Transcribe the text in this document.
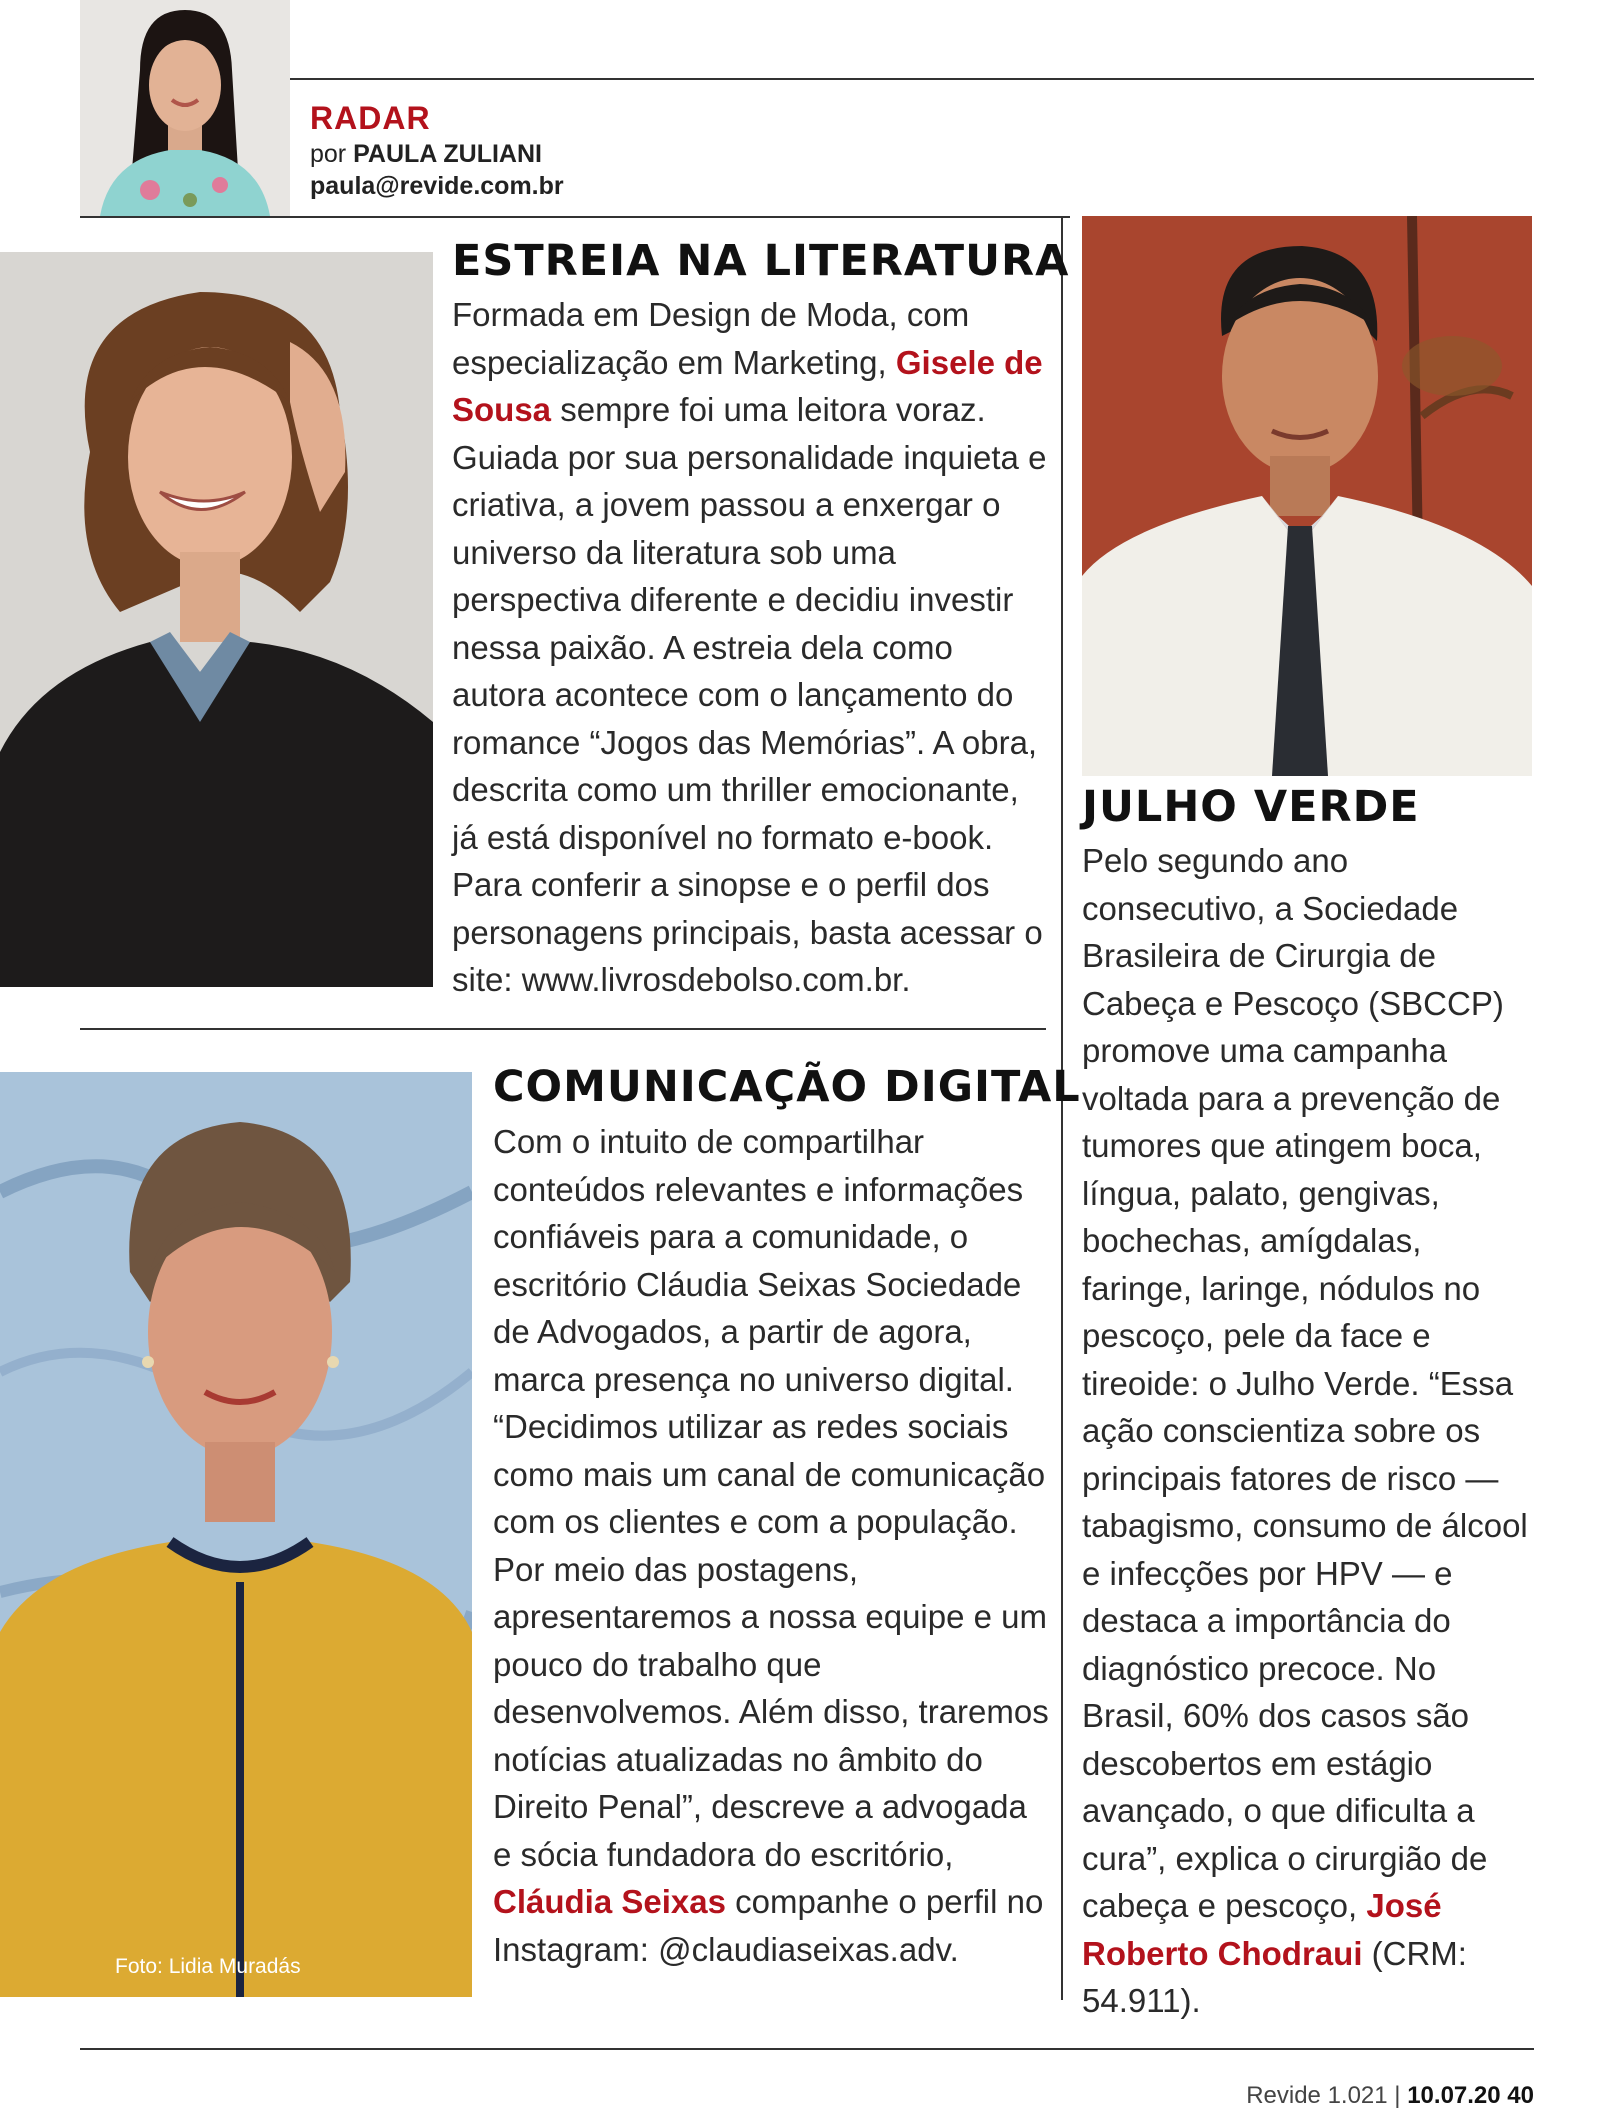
RADAR
por PAULA ZULIANI
paula@revide.com.br
ESTREIA NA LITERATURA

Formada em Design de Moda, com especialização em Marketing, Gisele de Sousa sempre foi uma leitora voraz. Guiada por sua personalidade inquieta e criativa, a jovem passou a enxergar o universo da literatura sob uma perspectiva diferente e decidiu investir nessa paixão. A estreia dela como autora acontece com o lançamento do romance “Jogos das Memórias”. A obra, descrita como um thriller emocionante, já está disponível no formato e-book. Para conferir a sinopse e o perfil dos personagens principais, basta acessar o site: www.livrosdebolso.com.br.

Foto: Lidia Muradás
COMUNICAÇÃO DIGITAL

Com o intuito de compartilhar conteúdos relevantes e informações confiáveis para a comunidade, o escritório Cláudia Seixas Sociedade de Advogados, a partir de agora, marca presença no universo digital. “Decidimos utilizar as redes sociais como mais um canal de comunicação com os clientes e com a população. Por meio das postagens, apresentaremos a nossa equipe e um pouco do trabalho que desenvolvemos. Além disso, traremos notícias atualizadas no âmbito do Direito Penal”, descreve a advogada e sócia fundadora do escritório, Cláudia Seixas companhe o perfil no Instagram: @claudiaseixas.adv.

JULHO VERDE

Pelo segundo ano consecutivo, a Sociedade Brasileira de Cirurgia de Cabeça e Pescoço (SBCCP) promove uma campanha voltada para a prevenção de tumores que atingem boca, língua, palato, gengivas, bochechas, amígdalas, faringe, laringe, nódulos no pescoço, pele da face e tireoide: o Julho Verde. “Essa ação conscientiza sobre os principais fatores de risco — tabagismo, consumo de álcool e infecções por HPV — e destaca a importância do diagnóstico precoce. No Brasil, 60% dos casos são descobertos em estágio avançado, o que dificulta a cura”, explica o cirurgião de cabeça e pescoço, José Roberto Chodraui (CRM: 54.911).

Revide 1.021 | 10.07.20 40
